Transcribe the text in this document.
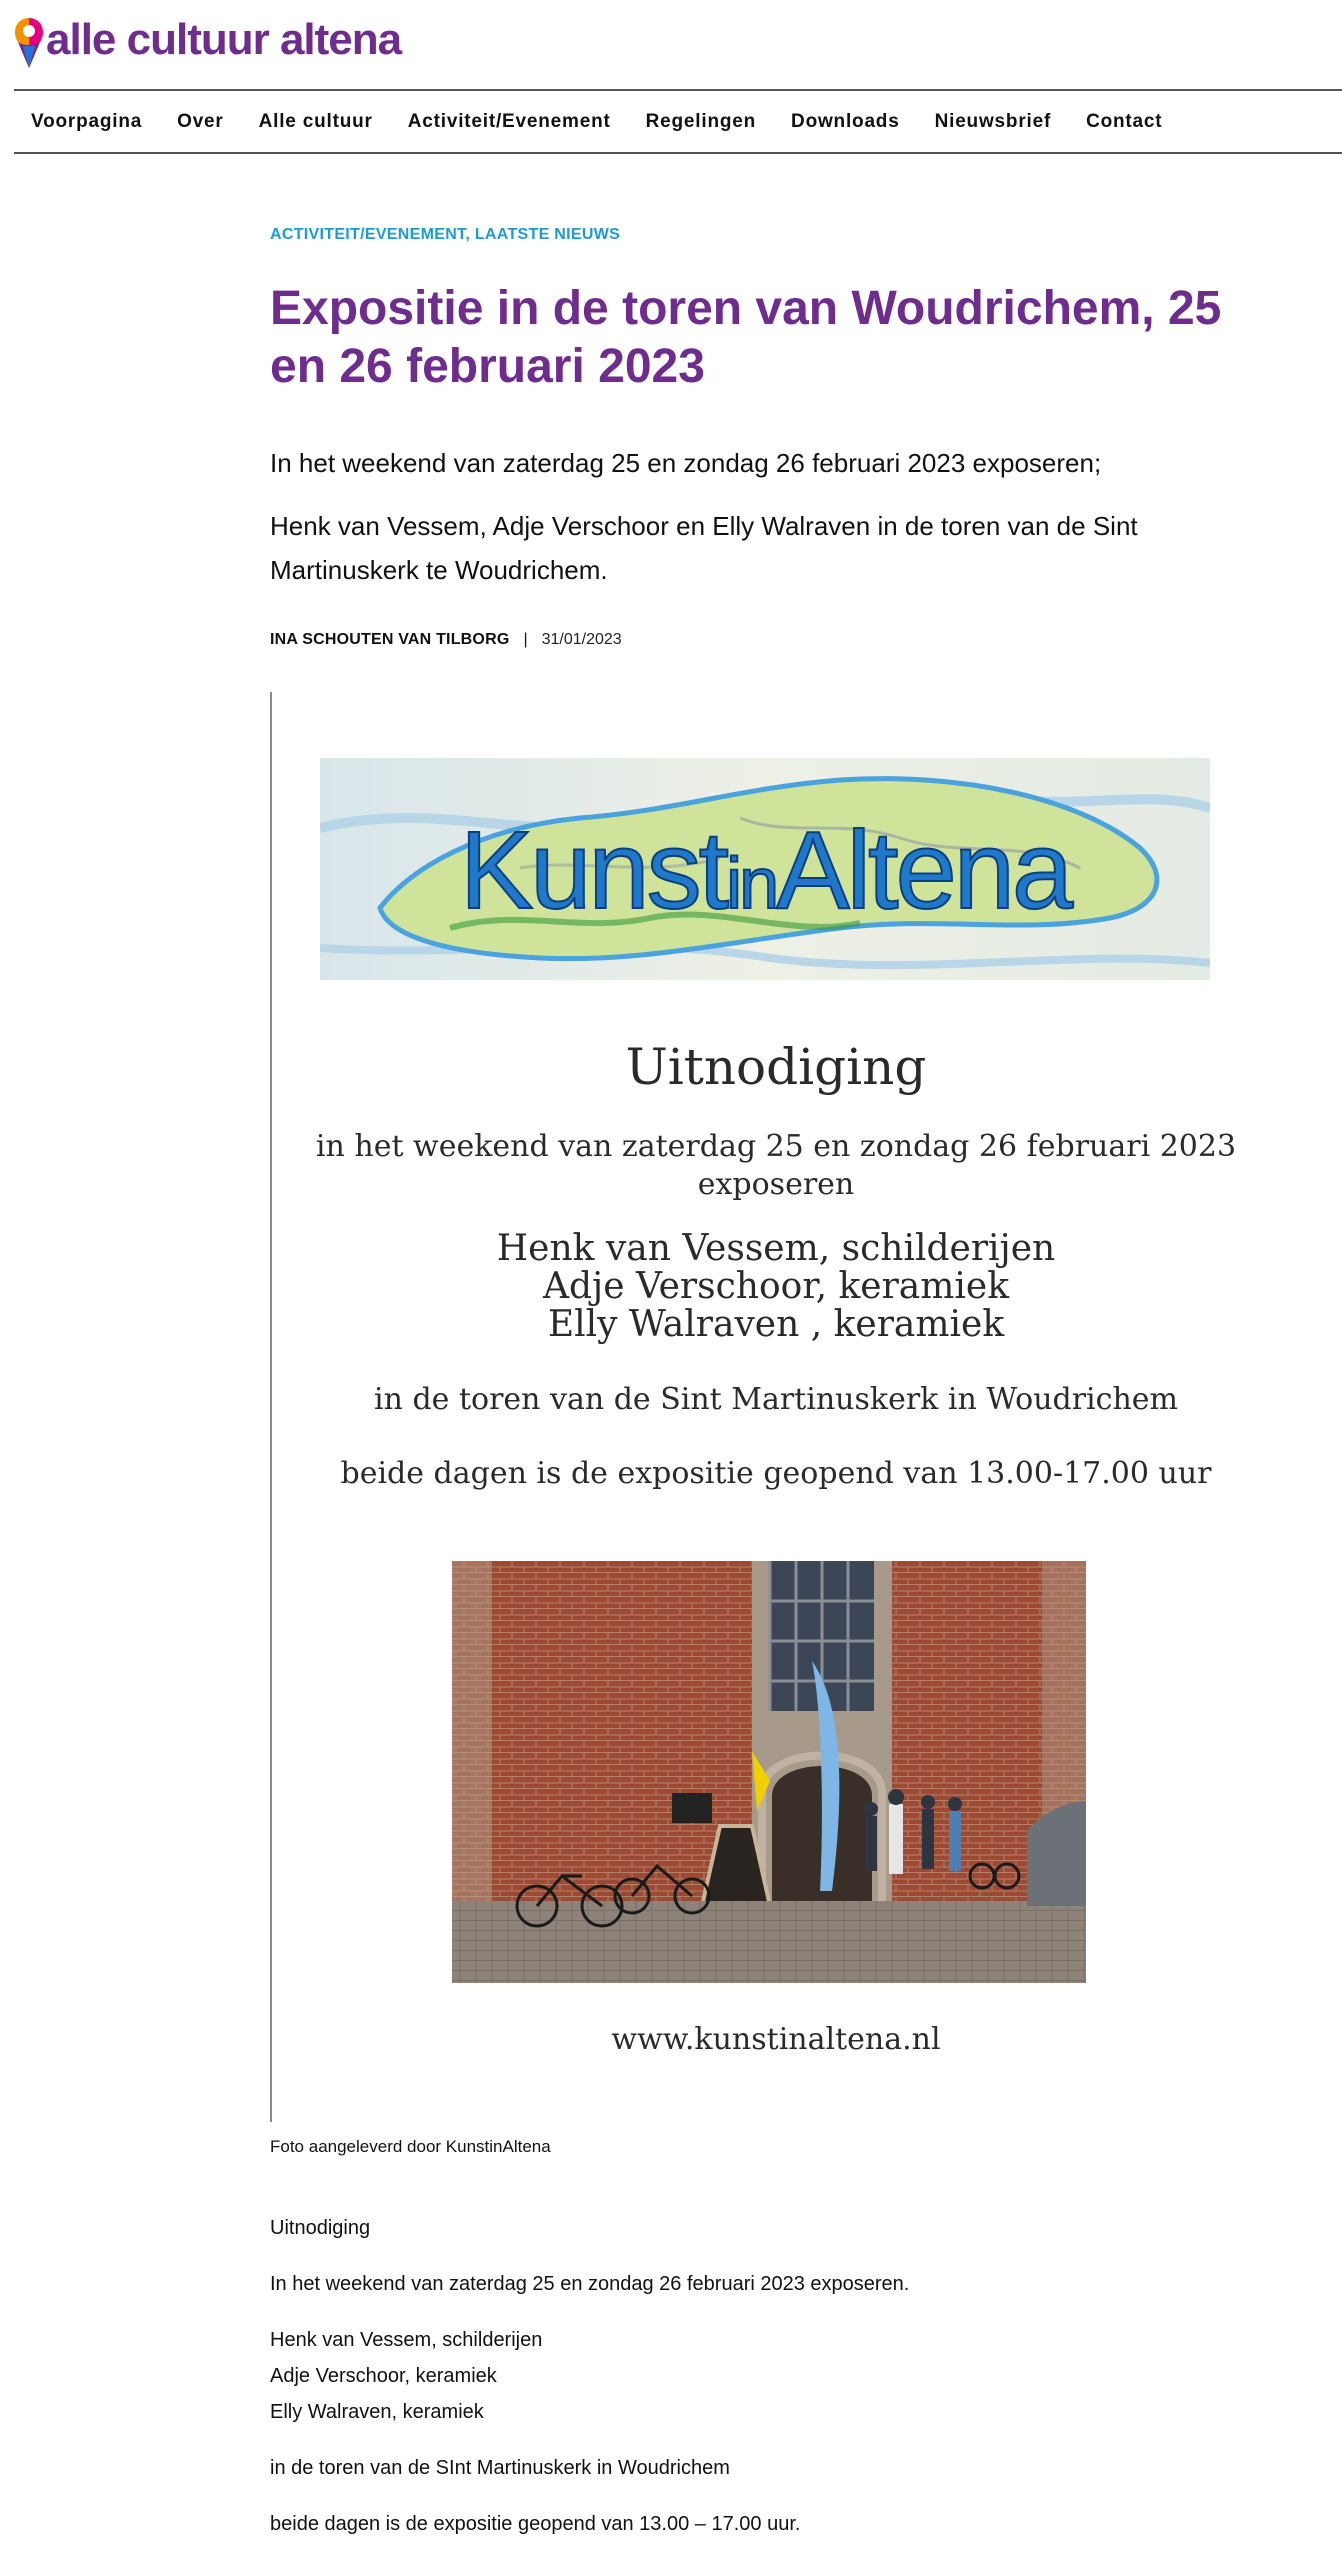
alle cultuur altena
Voorpagina Over Alle cultuur Activiteit/Evenement Regelingen Downloads Nieuwsbrief Contact
ACTIVITEIT/EVENEMENT, LAATSTE NIEUWS
Expositie in de toren van Woudrichem, 25 en 26 februari 2023

In het weekend van zaterdag 25 en zondag 26 februari 2023 exposeren;

Henk van Vessem, Adje Verschoor en Elly Walraven in de toren van de Sint Martinuskerk te Woudrichem.

INA SCHOUTEN VAN TILBORG | 31/01/2023
KunstinAltena
Uitnodiging
in het weekend van zaterdag 25 en zondag 26 februari 2023
exposeren
Henk van Vessem, schilderijen
Adje Verschoor, keramiek
Elly Walraven , keramiek
in de toren van de Sint Martinuskerk in Woudrichem
beide dagen is de expositie geopend van 13.00-17.00 uur
www.kunstinaltena.nl
Foto aangeleverd door KunstinAltena

Uitnodiging

In het weekend van zaterdag 25 en zondag 26 februari 2023 exposeren.

Henk van Vessem, schilderijen

Adje Verschoor, keramiek

Elly Walraven, keramiek

in de toren van de SInt Martinuskerk in Woudrichem

beide dagen is de expositie geopend van 13.00 – 17.00 uur.
